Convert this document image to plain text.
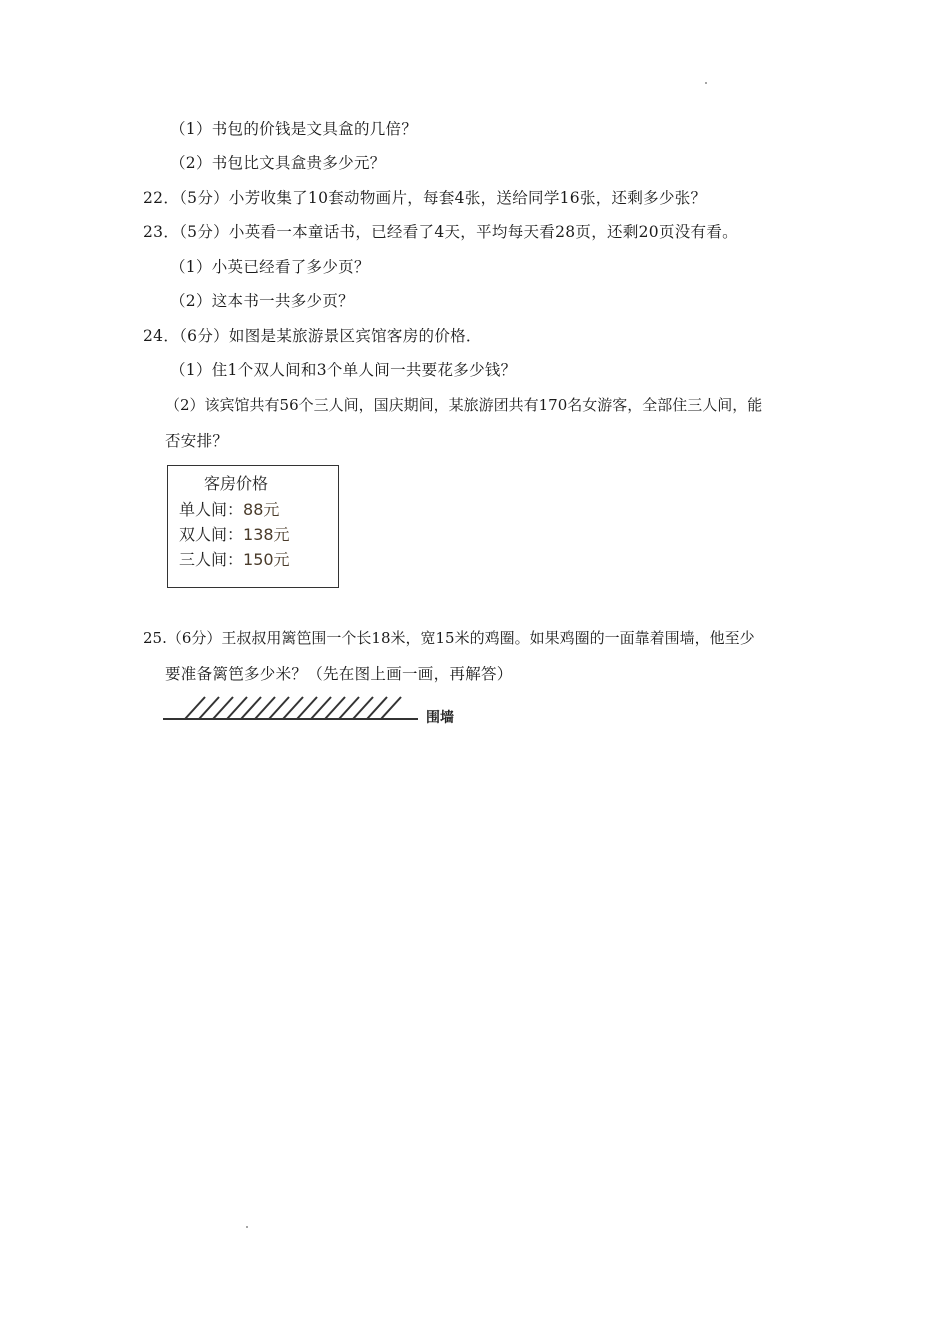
（1）书包的价钱是文具盒的几倍？
（2）书包比文具盒贵多少元？
22．（5分）小芳收集了10套动物画片，每套4张，送给同学16张，还剩多少张？
23．（5分）小英看一本童话书，已经看了4天，平均每天看28页，还剩20页没有看。
（1）小英已经看了多少页？
（2）这本书一共多少页？
24．（6分）如图是某旅游景区宾馆客房的价格．
（1）住1个双人间和3个单人间一共要花多少钱？
（2）该宾馆共有56个三人间，国庆期间，某旅游团共有170名女游客，全部住三人间，能
否安排？
客房价格
单人间：88元
双人间：138元
三人间：150元
25.（6分）王叔叔用篱笆围一个长18米，宽15米的鸡圈。如果鸡圈的一面靠着围墙，他至少
要准备篱笆多少米？（先在图上画一画，再解答）
围墙
